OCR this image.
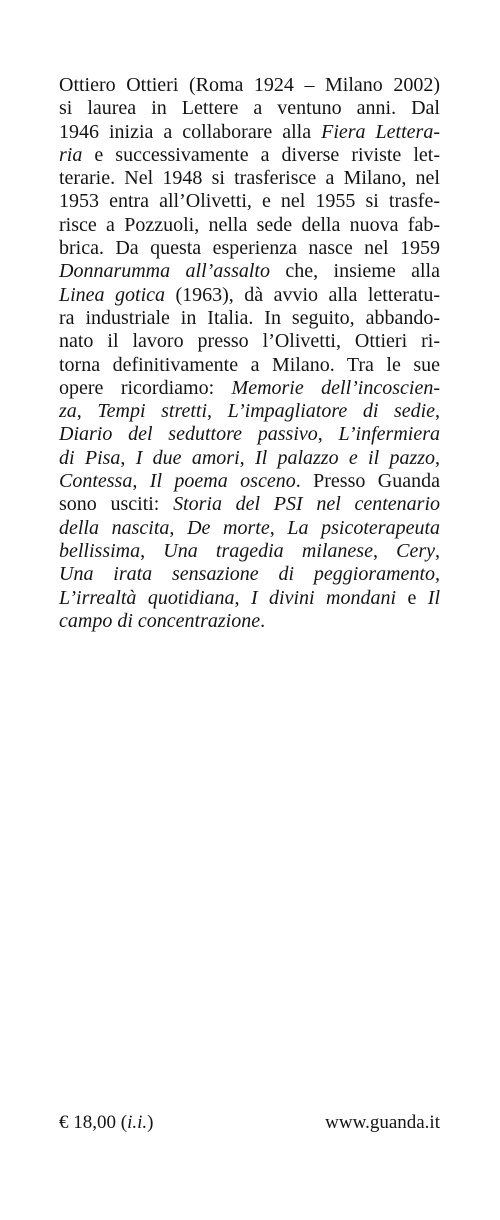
Ottiero Ottieri (Roma 1924 – Milano 2002)
si laurea in Lettere a ventuno anni. Dal
1946 inizia a collaborare alla Fiera Lettera-
ria e successivamente a diverse riviste let-
terarie. Nel 1948 si trasferisce a Milano, nel
1953 entra all’Olivetti, e nel 1955 si trasfe-
risce a Pozzuoli, nella sede della nuova fab-
brica. Da questa esperienza nasce nel 1959
Donnarumma all’assalto che, insieme alla
Linea gotica (1963), dà avvio alla letteratu-
ra industriale in Italia. In seguito, abbando-
nato il lavoro presso l’Olivetti, Ottieri ri-
torna definitivamente a Milano. Tra le sue
opere ricordiamo: Memorie dell’incoscien-
za, Tempi stretti, L’impagliatore di sedie,
Diario del seduttore passivo, L’infermiera
di Pisa, I due amori, Il palazzo e il pazzo,
Contessa, Il poema osceno. Presso Guanda
sono usciti: Storia del PSI nel centenario
della nascita, De morte, La psicoterapeuta
bellissima, Una tragedia milanese, Cery,
Una irata sensazione di peggioramento,
L’irrealtà quotidiana, I divini mondani e Il
campo di concentrazione.
€ 18,00 (i.i.)	www.guanda.it
